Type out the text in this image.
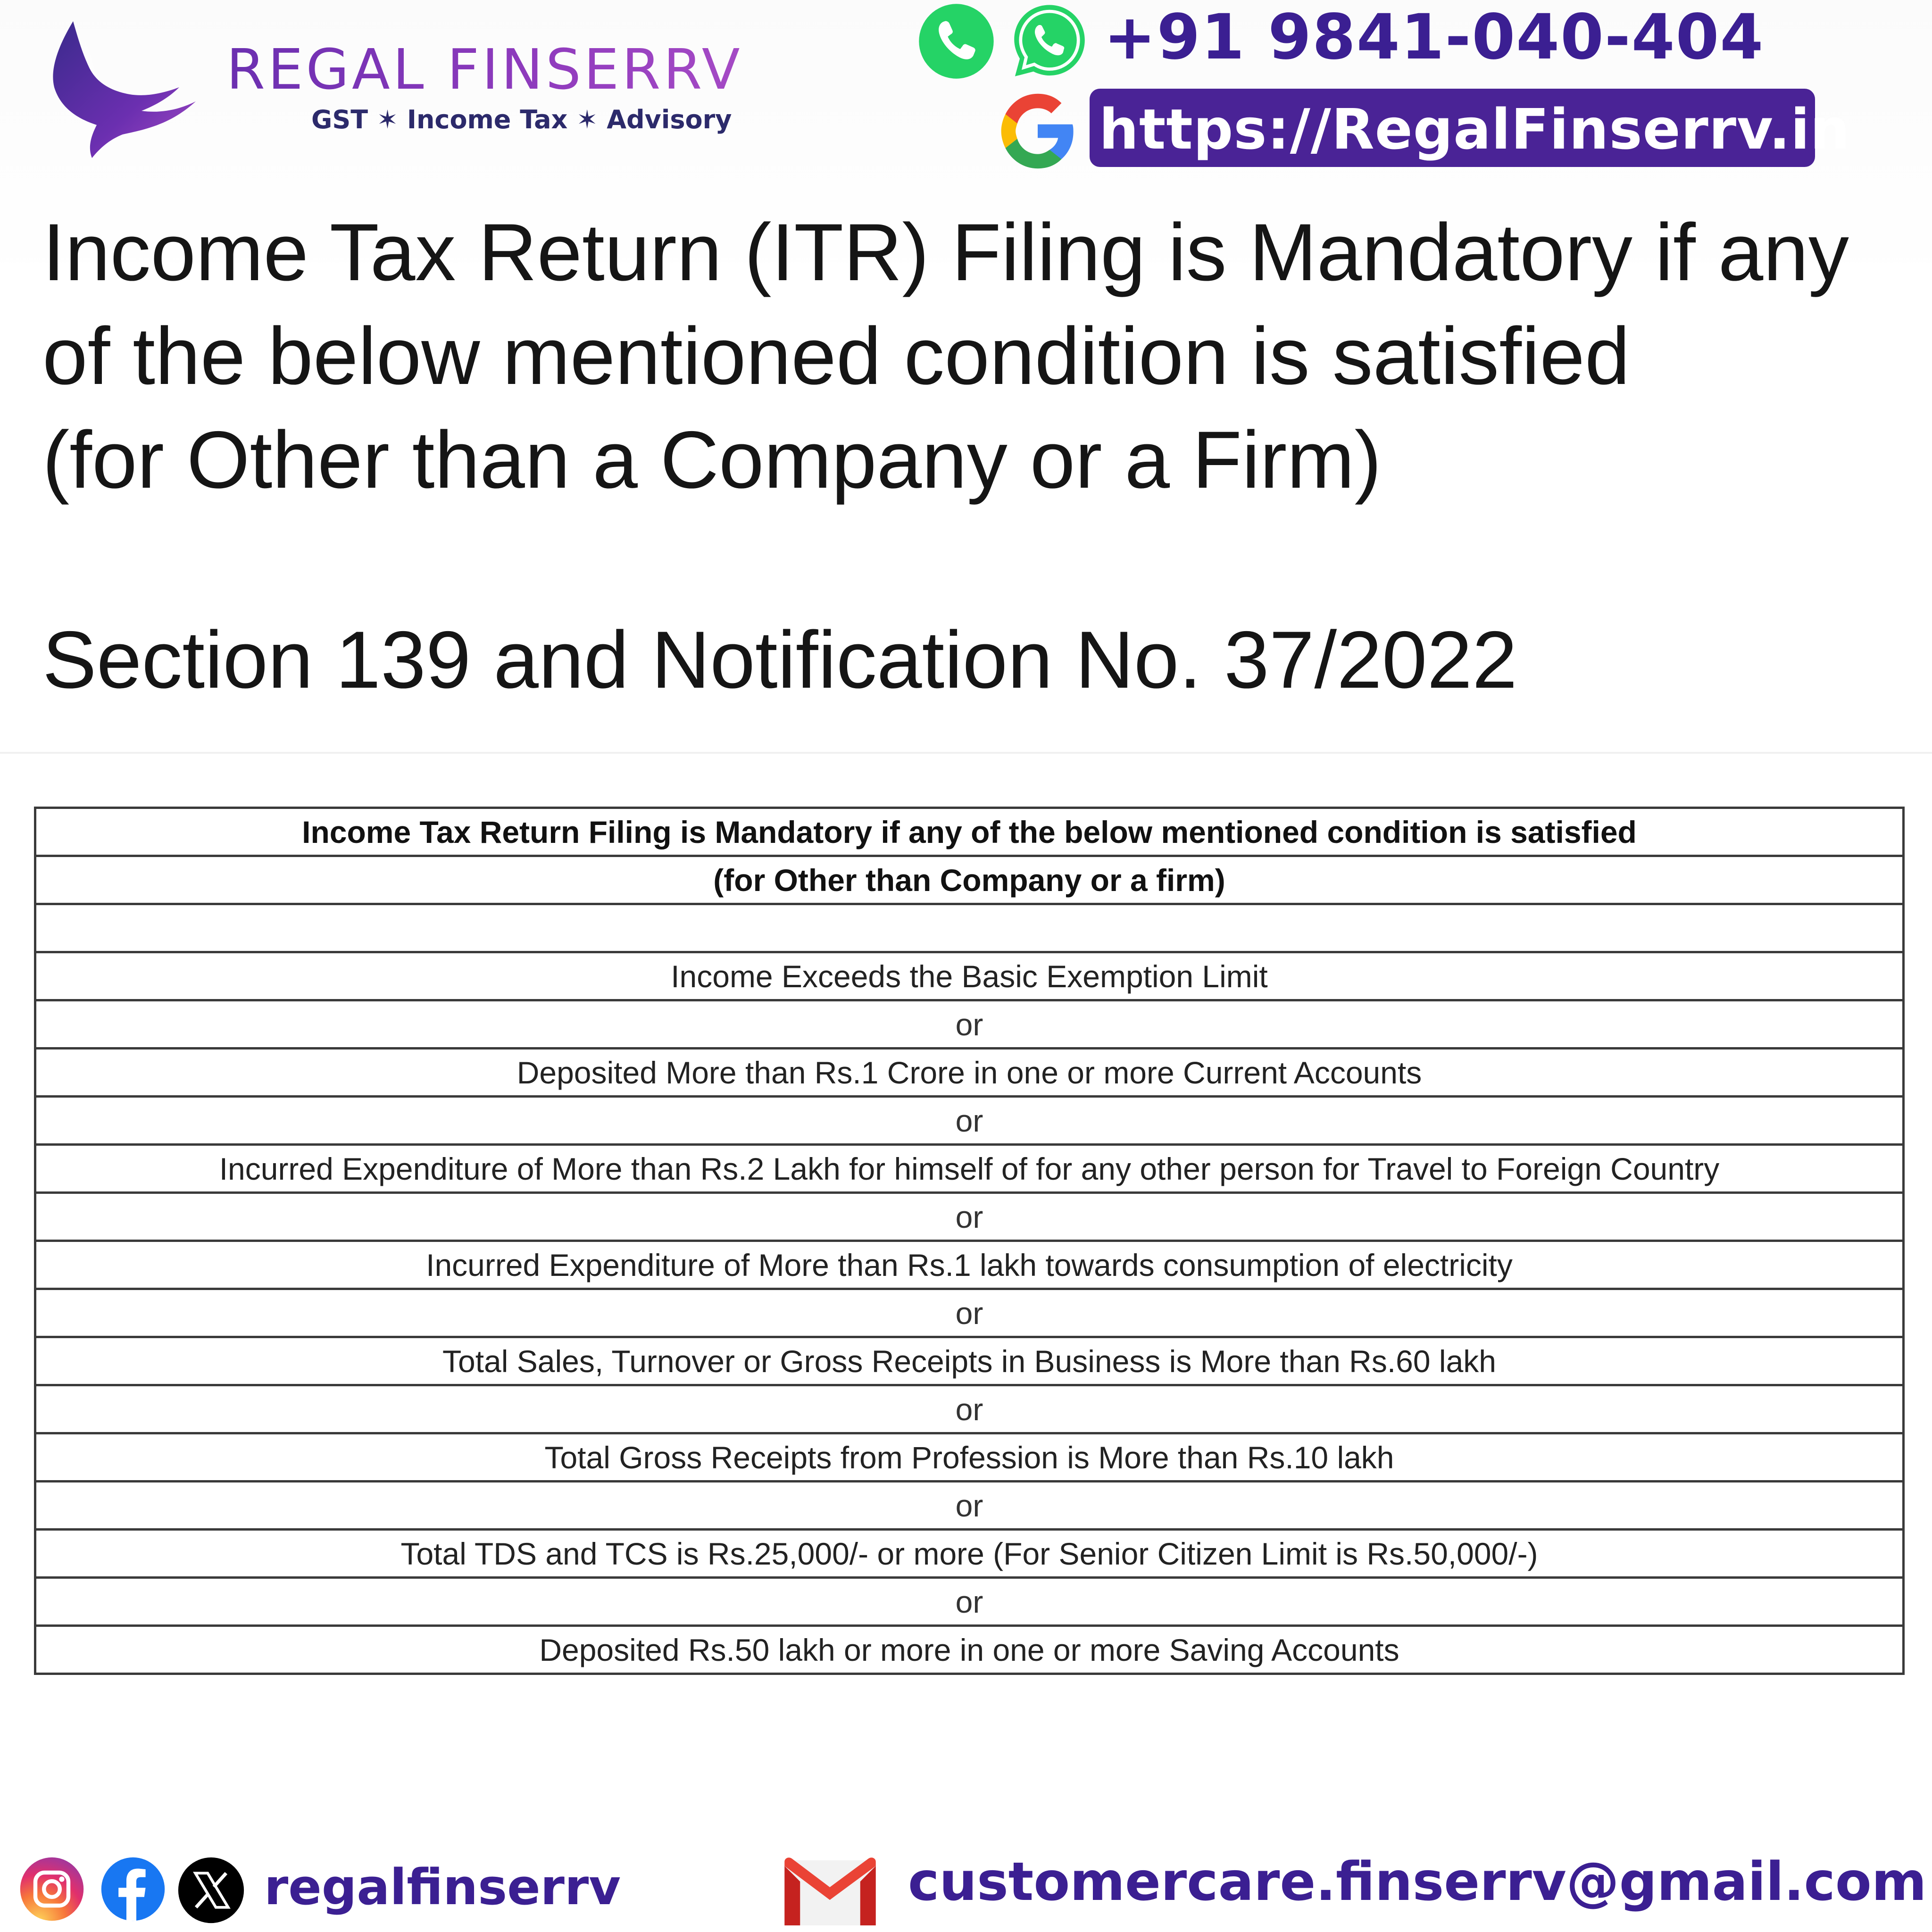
REGAL FINSERRV
GST ✶ Income Tax ✶ Advisory
+91 9841-040-404
https://RegalFinserrv.in
Income Tax Return (ITR) Filing is Mandatory if any
of the below mentioned condition is satisfied
(for Other than a Company or a Firm)
Section 139 and Notification No. 37/2022
Income Tax Return Filing is Mandatory if any of the below mentioned condition is satisfied
(for Other than Company or a firm)

Income Exceeds the Basic Exemption Limit
or
Deposited More than Rs.1 Crore in one or more Current Accounts
or
Incurred Expenditure of More than Rs.2 Lakh for himself of for any other person for Travel to Foreign Country
or
Incurred Expenditure of More than Rs.1 lakh towards consumption of electricity
or
Total Sales, Turnover or Gross Receipts in Business is More than Rs.60 lakh
or
Total Gross Receipts from Profession is More than Rs.10 lakh
or
Total TDS and TCS is Rs.25,000/- or more (For Senior Citizen Limit is Rs.50,000/-)
or
Deposited Rs.50 lakh or more in one or more Saving Accounts
regalfinserrv	customercare.finserrv@gmail.com
